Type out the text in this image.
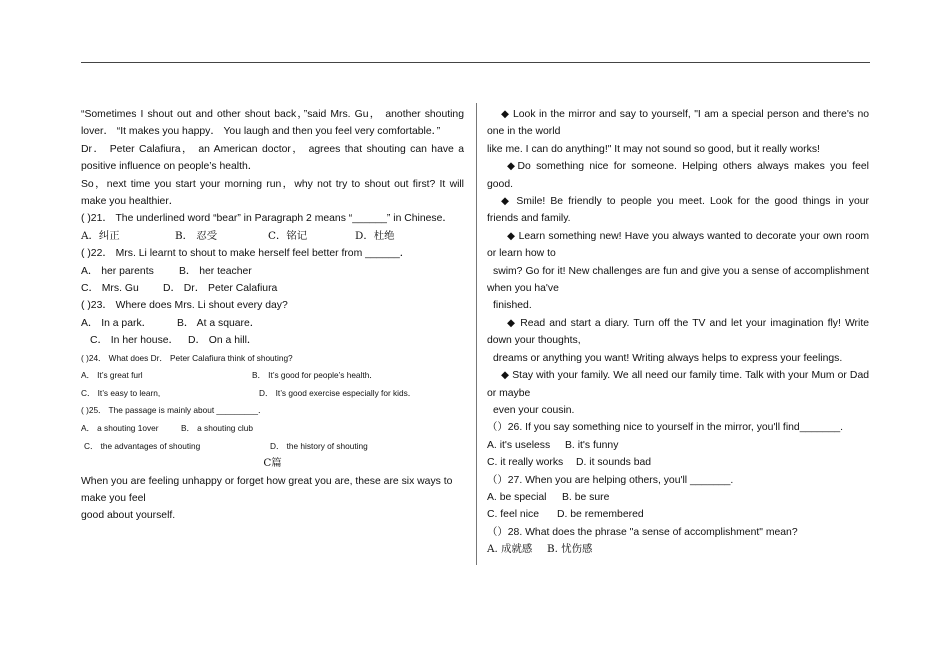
“Sometimes I shout out and other shout back，”said Mrs. Gu， another shouting lover． “It makes you happy． You laugh and then you feel very comfortable．”

Dr． Peter Calafiura， an American doctor， agrees that shouting can have a positive influence on people’s health．

So，next time you start your morning run，why not try to shout out first? It will make you healthier．

( )21． The underlined word “bear” in Paragraph 2 means “______” in Chinese．

A．纠正	B． 忍受	C．铭记	D．杜绝

( )22． Mrs. Li learnt to shout to make herself feel better from ______．

A． her parents	B． her teacher

C． Mrs. Gu	D． Dr． Peter Calafiura

( )23． Where does Mrs. Li shout every day?

A． In a park．	B． At a square．

C． In her house． D． On a hill．

( )24． What does Dr． Peter Calafiura think of shouting?

A． It’s great furl	B． It’s good for people’s health．

C． It’s easy to learn,	D． It’s good exercise especially for kids．

( )25． The passage is mainly about _________．

A． a shouting 1over	B． a shouting club

C． the advantages of shouting	D． the history of shouting

C篇

When you are feeling unhappy or forget how great you are, these are six ways to make you feel

good about yourself.

◆ Look in the mirror and say to yourself, "I am a special person and there's no one in the world

like me. I can do anything!" It may not sound so good, but it really works!

◆Do something nice for someone. Helping others always makes you feel good.

◆ Smile! Be friendly to people you meet. Look for the good things in your friends and family.

◆ Learn something new! Have you always wanted to decorate your own room or learn how to

swim? Go for it! New challenges are fun and give you a sense of accomplishment when you ha've

finished.

◆ Read and start a diary. Turn off the TV and let your imagination fly! Write down your thoughts,

dreams or anything you want! Writing always helps to express your feelings.

◆ Stay with your family. We all need our family time. Talk with your Mum or Dad or maybe

even your cousin.

（）26. If you say something nice to yourself in the mirror, you'll find_______.

A. it's useless	B. it's funny

C. it really works	D. it sounds bad

（）27. When you are helping others, you'll _______.

A. be special	B. be sure

C. feel nice	D. be remembered

（）28. What does the phrase "a sense of accomplishment" mean?

A. 成就感	B. 忧伤感
